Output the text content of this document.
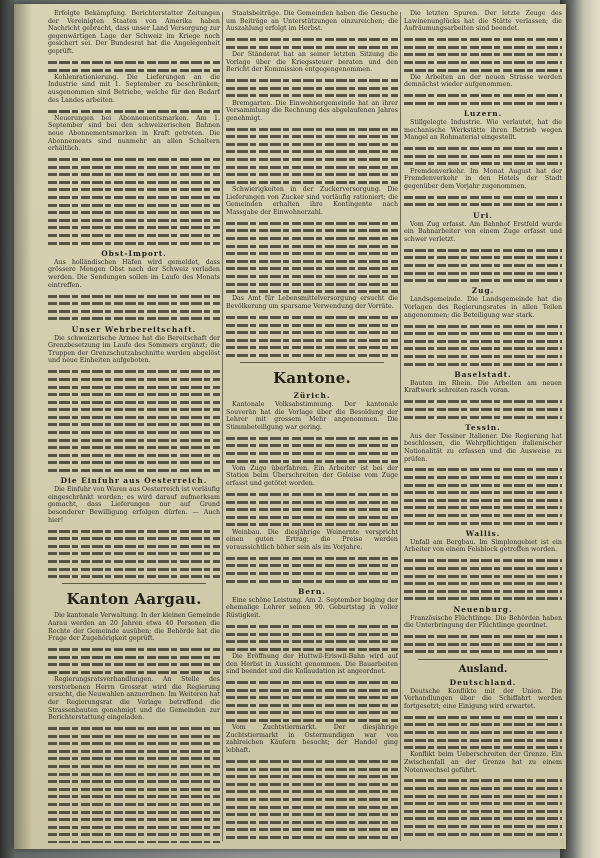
Erfolgte Bekämpfung. Berichterstatter Zeitungen der Vereinigten Staaten von Amerika haben Nachricht gebracht, dass unser Land Versorgung zur gegenwärtigen Lage der Schweiz im Kriege noch gesichert sei. Der Bundesrat hat die Angelegenheit geprüft.

Kohlenrationierung. Die Lieferungen an die Industrie sind mit 1. September zu beschränken; ausgenommen sind Betriebe, welche für den Bedarf des Landes arbeiten.

Neuerungen bei Abonnementsmarken. Am 1. September sind bei den schweizerischen Bahnen neue Abonnementsmarken in Kraft getreten. Die Abonnements sind nunmehr an allen Schaltern erhältlich.

Obst-Import.

Aus holländischen Häfen wird gemeldet, dass grössere Mengen Obst nach der Schweiz verladen werden. Die Sendungen sollen im Laufe des Monats eintreffen.

Unser Wehrbereitschaft.

Die schweizerische Armee hat die Bereitschaft der Grenzbesetzung im Laufe des Sommers ergänzt; die Truppen der Grenzschutzabschnitte werden abgelöst und neue Einheiten aufgeboten.

Die Einfuhr aus Oesterreich.

Die Einfuhr von Waren aus Oesterreich ist vorläufig eingeschränkt worden; es wird darauf aufmerksam gemacht, dass Lieferungen nur auf Grund besonderer Bewilligung erfolgen dürfen. — Auch hier!

Kanton Aargau.

Die kantonale Verwaltung. In der kleinen Gemeinde Aarau werden an 20 Jahren etwa 40 Personen die Rechte der Gemeinde ausüben; die Behörde hat die Frage der Zugehörigkeit geprüft.

Regierungsratsverhandlungen. An Stelle des verstorbenen Herrn Grossrat wird die Regierung ersucht, die Neuwahlen anzuordnen. Im Weiteren hat der Regierungsrat die Vorlage betreffend die Strassenbauten genehmigt und die Gemeinden zur Berichterstattung eingeladen.

Staatsbeiträge. Die Gemeinden haben die Gesuche um Beiträge an Unterstützungen einzureichen; die Auszahlung erfolgt im Herbst.

Der Ständerat hat an seiner letzten Sitzung die Vorlage über die Kriegssteuer beraten und den Bericht der Kommission entgegengenommen.

Bremgarten. Die Einwohnergemeinde hat an ihrer Versammlung die Rechnung des abgelaufenen Jahres genehmigt.

Schwierigkeiten in der Zuckerversorgung. Die Lieferungen von Zucker sind vorläufig rationiert; die Gemeinden erhalten ihre Kontingente nach Massgabe der Einwohnerzahl.

Das Amt für Lebensmittelversorgung ersucht die Bevölkerung um sparsame Verwendung der Vorräte.

Kantone.
Zürich.

Kantonale Volksabstimmung. Der kantonale Souverän hat die Vorlage über die Besoldung der Lehrer mit grossem Mehr angenommen. Die Stimmbeteiligung war gering.

Vom Zuge überfahren. Ein Arbeiter ist bei der Station beim Überschreiten der Geleise vom Zuge erfasst und getötet worden.

Weinbau. Die diesjährige Weinernte verspricht einen guten Ertrag; die Preise werden voraussichtlich höher sein als im Vorjahre.

Bern.

Eine schöne Leistung. Am 2. September beging der ehemalige Lehrer seinen 90. Geburtstag in voller Rüstigkeit.

Die Eröffnung der Huttwil-Eriswil-Bahn wird auf den Herbst in Aussicht genommen. Die Bauarbeiten sind beendet und die Kollaudation ist angeordnet.

Vom Zuchtstiermarkt. Der diesjährige Zuchtstiermarkt in Ostermundigen war von zahlreichen Käufern besucht; der Handel ging lebhaft.

Die letzten Spuren. Der letzte Zeuge des Lawinenunglücks hat die Stätte verlassen; die Aufräumungsarbeiten sind beendet.

Die Arbeiten an der neuen Strasse werden demnächst wieder aufgenommen.

Luzern.

Stillgelegte Industrie. Wie verlautet, hat die mechanische Werkstätte ihren Betrieb wegen Mangel an Rohmaterial eingestellt.

Fremdenverkehr. Im Monat August hat der Fremdenverkehr in den Hotels der Stadt gegenüber dem Vorjahr zugenommen.

Uri.

Vom Zug erfasst. Am Bahnhof Erstfeld wurde ein Bahnarbeiter von einem Zuge erfasst und schwer verletzt.

Zug.

Landsgemeinde. Die Landsgemeinde hat die Vorlagen des Regierungsrates in allen Teilen angenommen; die Beteiligung war stark.

Baselstadt.

Bauten im Rhein. Die Arbeiten am neuen Kraftwerk schreiten rasch voran.

Tessin.

Aus der Tessiner Italiener. Die Regierung hat beschlossen, die Wehrpflichtigen italienischer Nationalität zu erfassen und die Ausweise zu prüfen.

Wallis.

Unfall am Bergbau. Im Simplongebiet ist ein Arbeiter von einem Felsblock getroffen worden.

Neuenburg.

Französische Flüchtlinge. Die Behörden haben die Unterbringung der Flüchtlinge geordnet.

Ausland.
Deutschland.

Deutsche Konflikte mit der Union. Die Verhandlungen über die Schiffahrt werden fortgesetzt; eine Einigung wird erwartet.

Konflikt beim Ueberschreiten der Grenze. Ein Zwischenfall an der Grenze hat zu einem Notenwechsel geführt.
